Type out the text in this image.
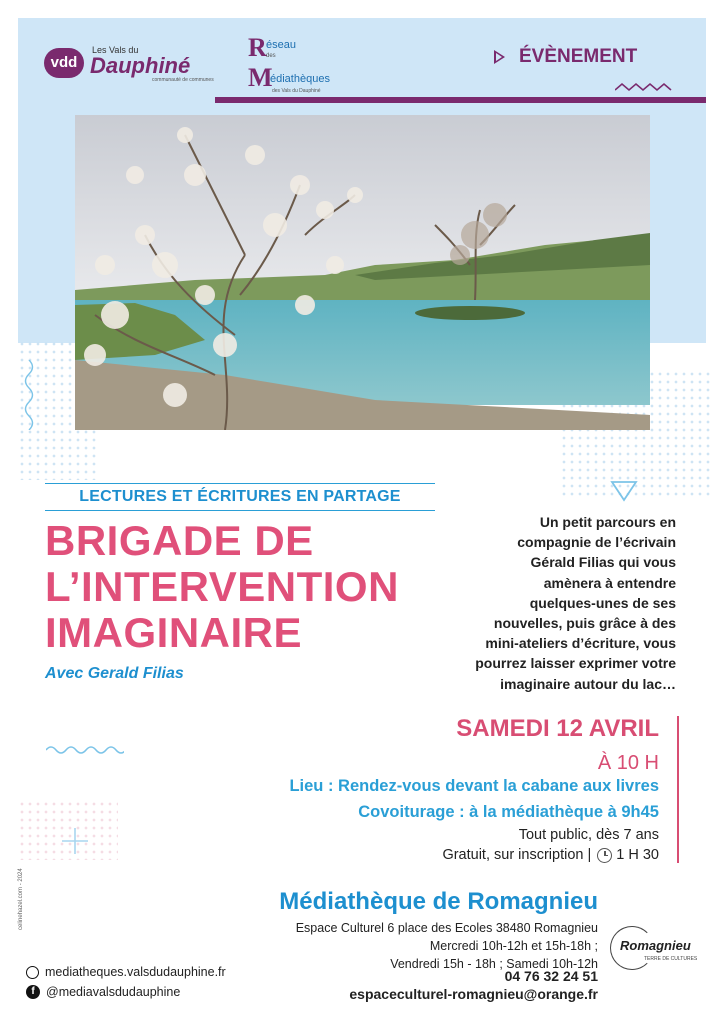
vdd
Les Vals du
Dauphiné
communauté de communes
R éseau
des
M
édiathèques
des Vals du Dauphiné
ÉVÈNEMENT
LECTURES ET ÉCRITURES EN PARTAGE
BRIGADE DE
L’INTERVENTION
IMAGINAIRE
Avec Gerald Filias
Un petit parcours en
compagnie de l’écrivain
Gérald Filias qui vous
amènera à entendre
quelques-unes de ses
nouvelles, puis grâce à des
mini-ateliers d’écriture, vous
pourrez laisser exprimer votre
imaginaire autour du lac…
SAMEDI 12 AVRIL
À 10 H
Lieu : Rendez-vous devant la cabane aux livres
Covoiturage : à la médiathèque à 9h45
Tout public, dès 7 ans
Gratuit, sur inscription | 1 H 30
Médiathèque de Romagnieu
Espace Culturel 6 place des Ecoles 38480 Romagnieu
Mercredi 10h-12h et 15h-18h ;
Vendredi 15h - 18h ; Samedi 10h-12h
04 76 32 24 51
espaceculturel-romagnieu@orange.fr
Romagnieu
TERRE DE CULTURES
mediatheques.valsdudauphine.fr
f @mediavalsdudauphine
celinehazel.com - 2024
